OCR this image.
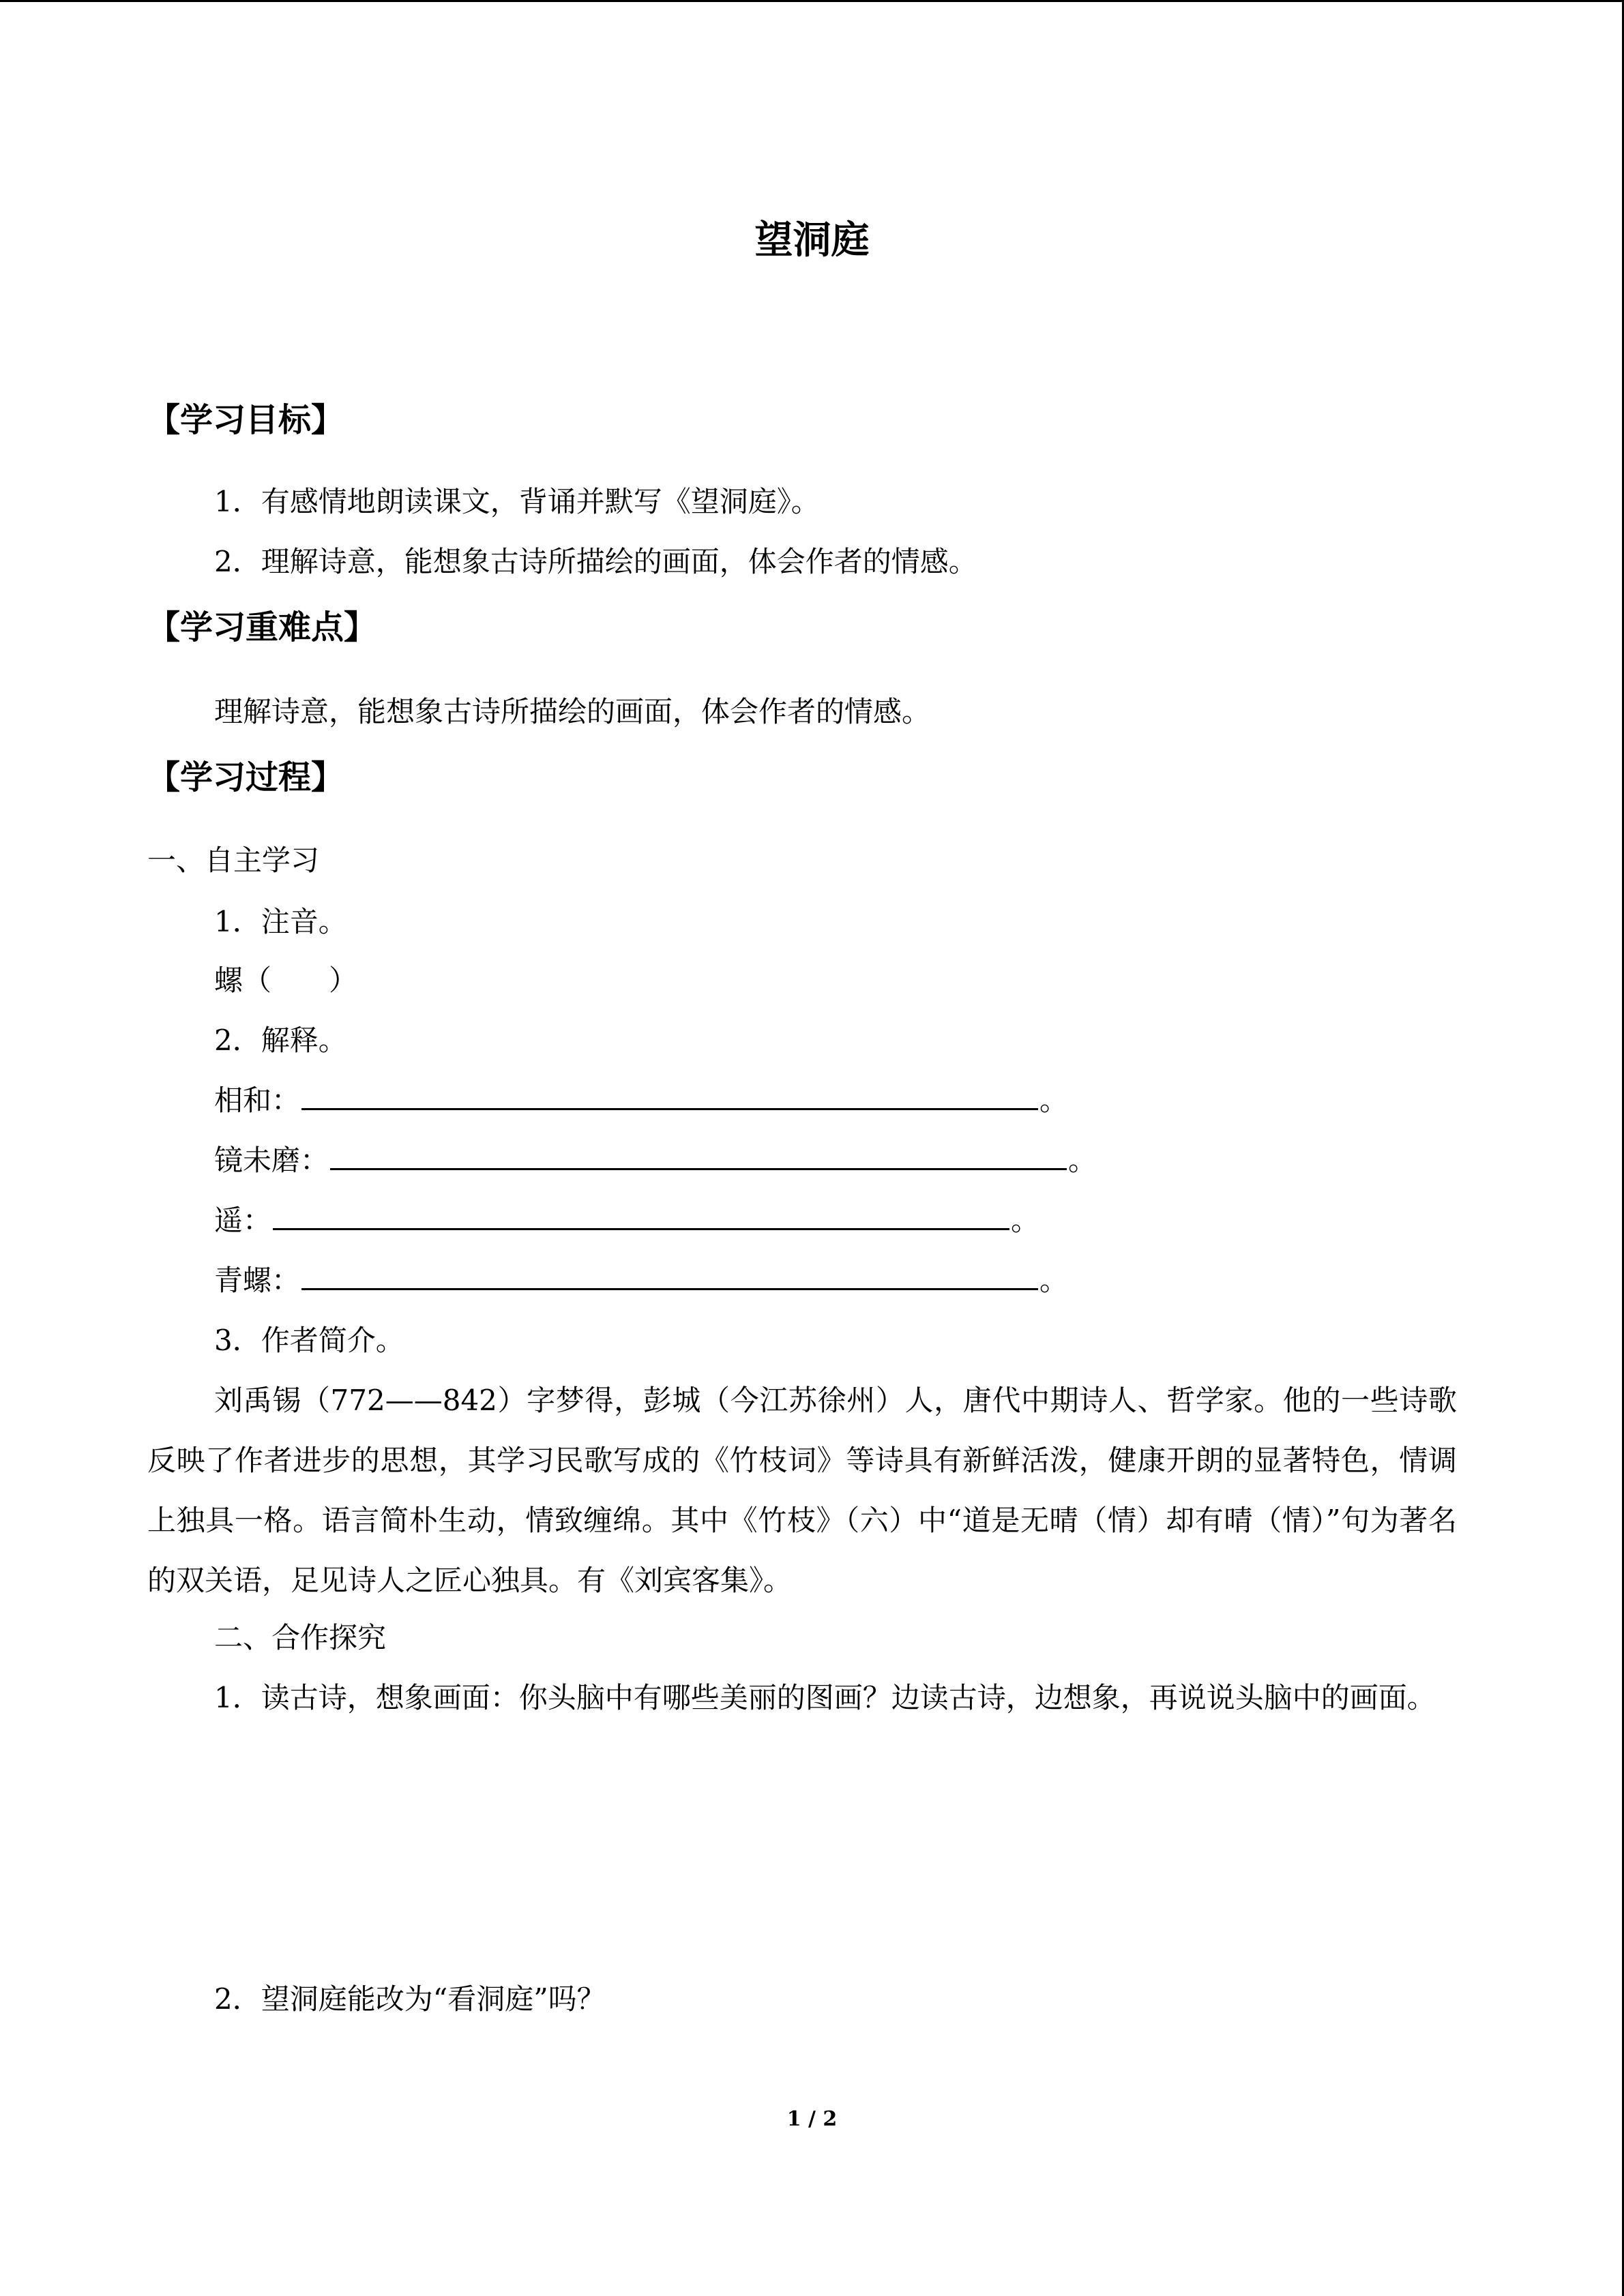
望洞庭
【学习目标】
1．有感情地朗读课文，背诵并默写《望洞庭》。
2．理解诗意，能想象古诗所描绘的画面，体会作者的情感。
【学习重难点】
理解诗意，能想象古诗所描绘的画面，体会作者的情感。
【学习过程】
一、自主学习
1．注音。
螺（　　）
2．解释。
相和：	。
镜未磨：	。
遥：	。
青螺：	。
3．作者简介。
刘禹锡（772——842）字梦得，彭城（今江苏徐州）人，唐代中期诗人、哲学家。他的一些诗歌反映了作者进步的思想，其学习民歌写成的《竹枝词》等诗具有新鲜活泼，健康开朗的显著特色，情调上独具一格。语言简朴生动，情致缠绵。其中《竹枝》（六）中“道是无晴（情）却有晴（情）”句为著名的双关语，足见诗人之匠心独具。有《刘宾客集》。
二、合作探究
1．读古诗，想象画面：你头脑中有哪些美丽的图画？边读古诗，边想象，再说说头脑中的画面。
2．望洞庭能改为“看洞庭”吗？
1 / 2
